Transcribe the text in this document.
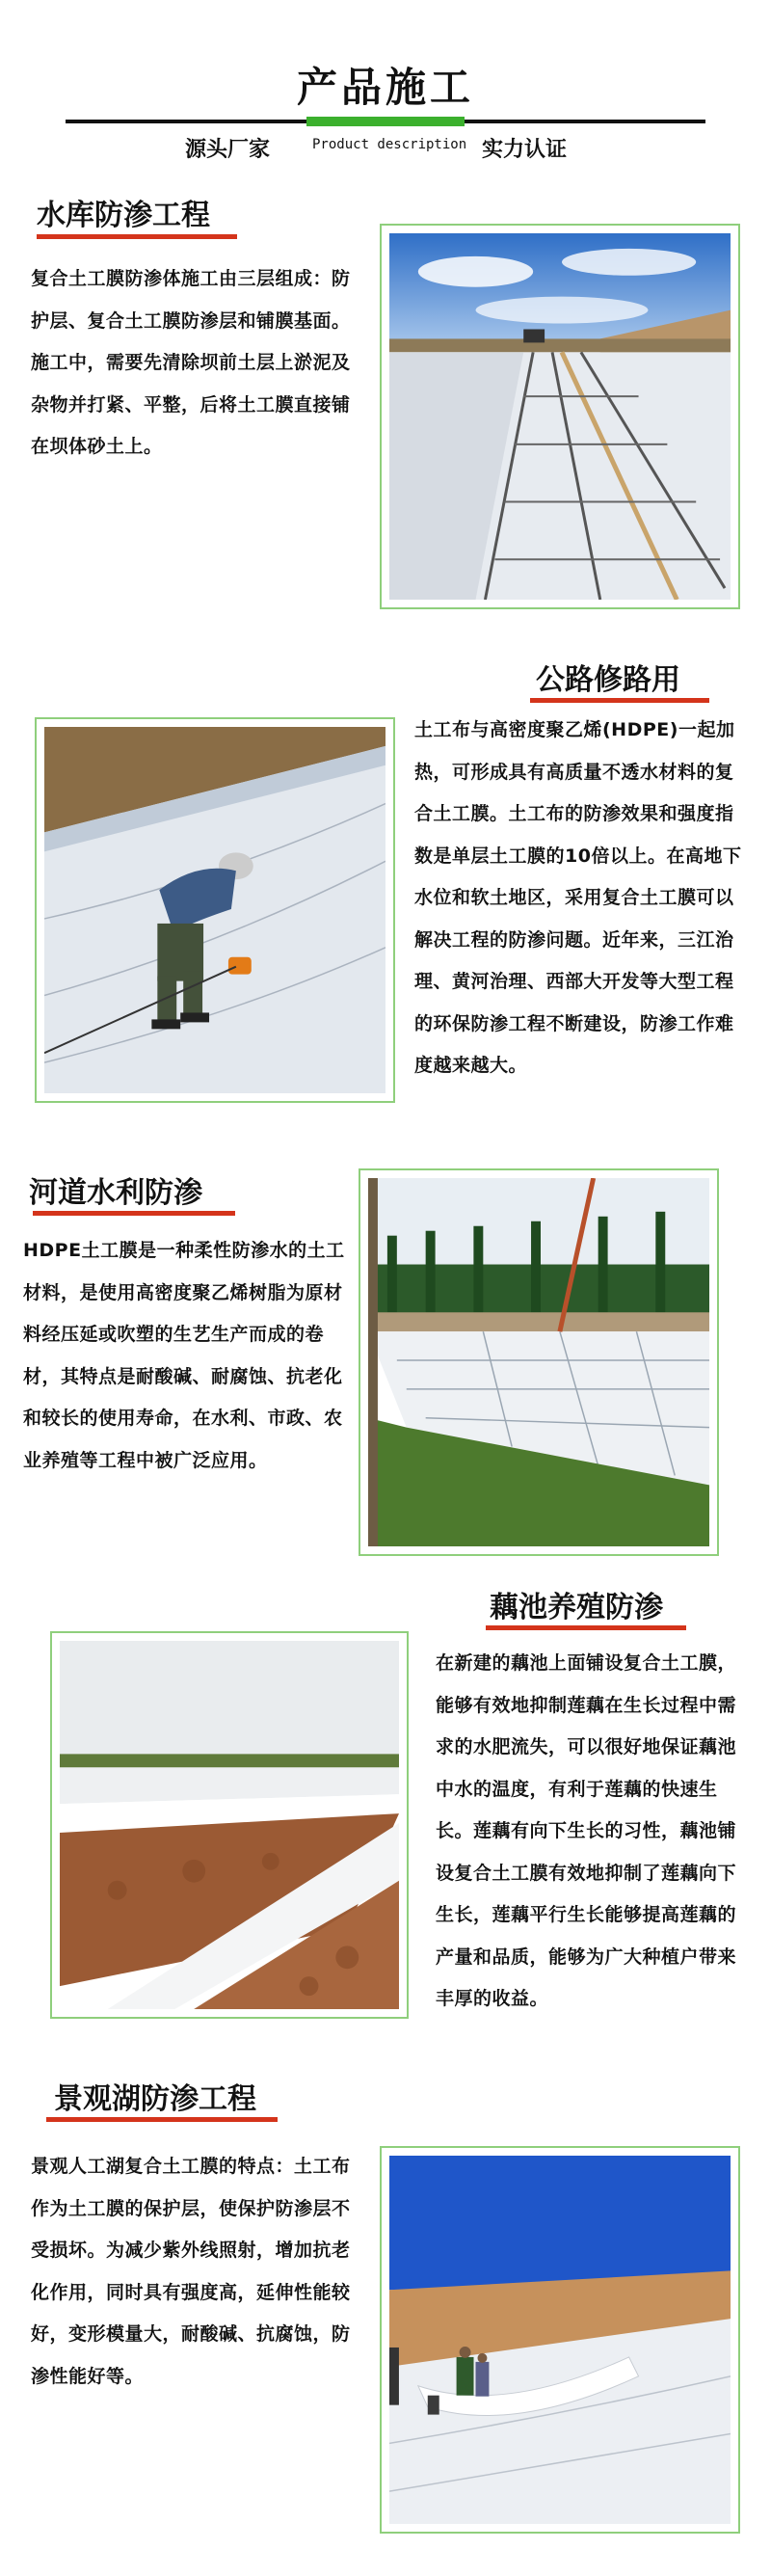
产品施工
源头厂家	Product description 实力认证
水库防渗工程
复合土工膜防渗体施工由三层组成：防护层、复合土工膜防渗层和铺膜基面。施工中，需要先清除坝前土层上淤泥及杂物并打紧、平整，后将土工膜直接铺在坝体砂土上。
公路修路用
土工布与高密度聚乙烯(HDPE)一起加热，可形成具有高质量不透水材料的复合土工膜。土工布的防渗效果和强度指数是单层土工膜的10倍以上。在高地下水位和软土地区，采用复合土工膜可以解决工程的防渗问题。近年来，三江治理、黄河治理、西部大开发等大型工程的环保防渗工程不断建设，防渗工作难度越来越大。
河道水利防渗
HDPE土工膜是一种柔性防渗水的土工材料，是使用高密度聚乙烯树脂为原材料经压延或吹塑的生艺生产而成的卷材，其特点是耐酸碱、耐腐蚀、抗老化和较长的使用寿命，在水利、市政、农业养殖等工程中被广泛应用。
藕池养殖防渗
在新建的藕池上面铺设复合土工膜，能够有效地抑制莲藕在生长过程中需求的水肥流失，可以很好地保证藕池中水的温度，有利于莲藕的快速生长。莲藕有向下生长的习性，藕池铺设复合土工膜有效地抑制了莲藕向下生长，莲藕平行生长能够提高莲藕的产量和品质，能够为广大种植户带来丰厚的收益。
景观湖防渗工程
景观人工湖复合土工膜的特点：土工布作为土工膜的保护层，使保护防渗层不受损坏。为减少紫外线照射，增加抗老化作用，同时具有强度高，延伸性能较好，变形模量大，耐酸碱、抗腐蚀，防渗性能好等。
